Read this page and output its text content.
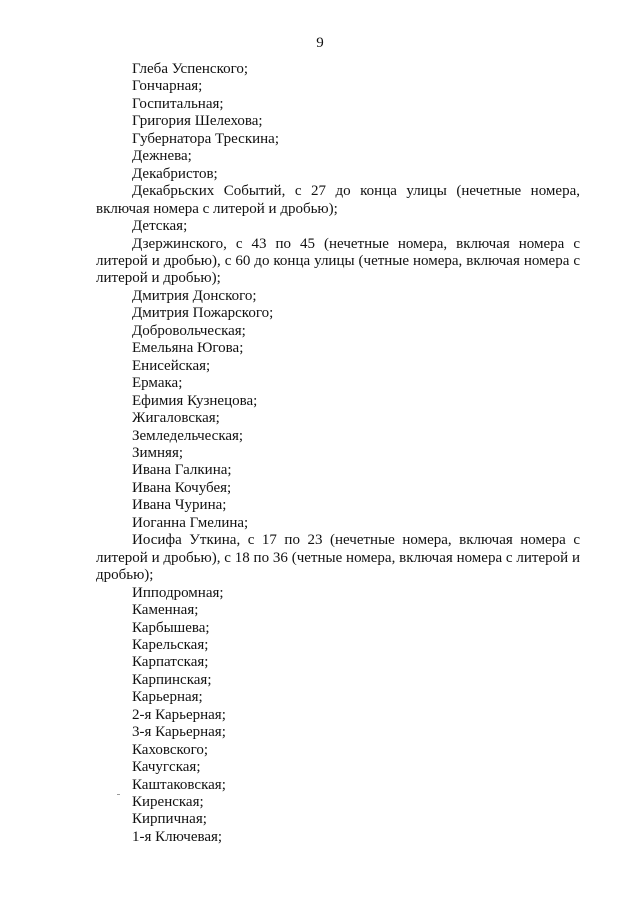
9

Глеба Успенского;

Гончарная;

Госпитальная;

Григория Шелехова;

Губернатора Трескина;

Дежнева;

Декабристов;

Декабрьских Событий, с 27 до конца улицы (нечетные номера, включая номера с литерой и дробью);

Детская;

Дзержинского, с 43 по 45 (нечетные номера, включая номера с литерой и дробью), с 60 до конца улицы (четные номера, включая номера с литерой и дробью);

Дмитрия Донского;

Дмитрия Пожарского;

Добровольческая;

Емельяна Югова;

Енисейская;

Ермака;

Ефимия Кузнецова;

Жигаловская;

Земледельческая;

Зимняя;

Ивана Галкина;

Ивана Кочубея;

Ивана Чурина;

Иоганна Гмелина;

Иосифа Уткина, с 17 по 23 (нечетные номера, включая номера с литерой и дробью), с 18 по 36 (четные номера, включая номера с литерой и дробью);

Ипподромная;

Каменная;

Карбышева;

Карельская;

Карпатская;

Карпинская;

Карьерная;

2-я Карьерная;

3-я Карьерная;

Каховского;

Качугская;

Каштаковская;

Киренская;

Кирпичная;

1-я Ключевая;
